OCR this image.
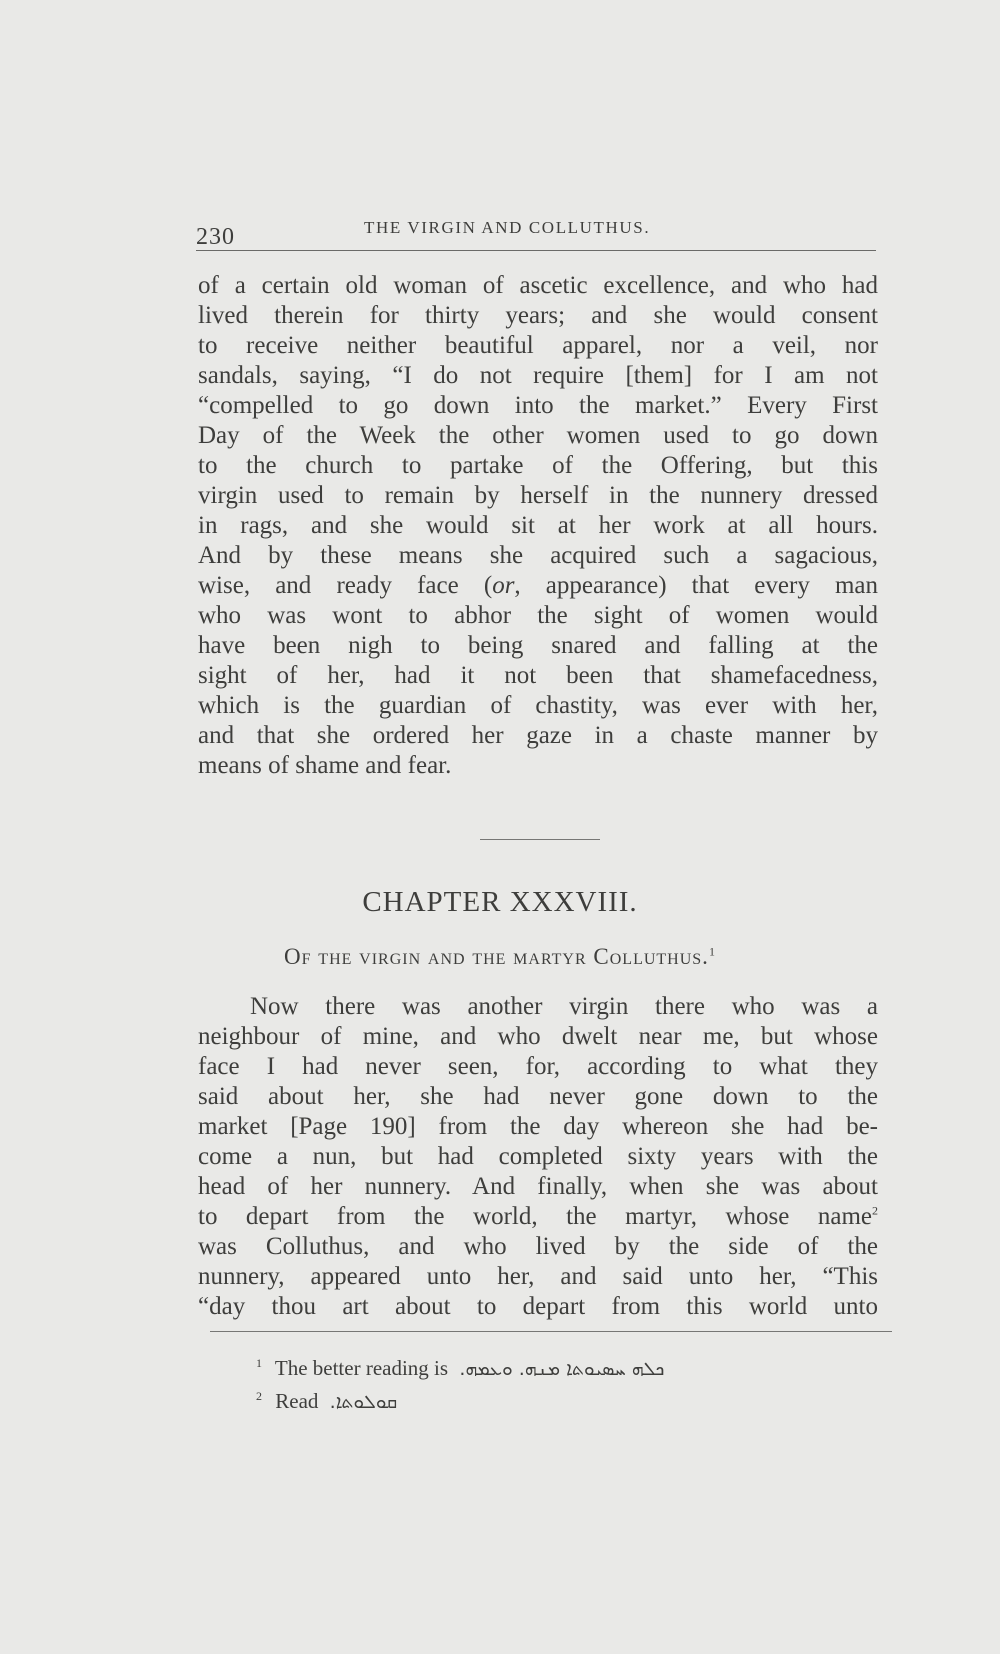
230	THE VIRGIN AND COLLUTHUS.
of a certain old woman of ascetic excellence, and who had
lived therein for thirty years; and she would consent
to receive neither beautiful apparel, nor a veil, nor
sandals, saying, “I do not require [them] for I am not
“compelled to go down into the market.” Every First
Day of the Week the other women used to go down
to the church to partake of the Offering, but this
virgin used to remain by herself in the nunnery dressed
in rags, and she would sit at her work at all hours.
And by these means she acquired such a sagacious,
wise, and ready face (or, appearance) that every man
who was wont to abhor the sight of women would
have been nigh to being snared and falling at the
sight of her, had it not been that shamefacedness,
which is the guardian of chastity, was ever with her,
and that she ordered her gaze in a chaste manner by
means of shame and fear.
CHAPTER XXXVIII.
Of the virgin and the martyr Colluthus.$^1$
Now there was another virgin there who was a
neighbour of mine, and who dwelt near me, but whose
face I had never seen, for, according to what they
said about her, she had never gone down to the
market [Page 190] from the day whereon she had be-
come a nun, but had completed sixty years with the
head of her nunnery. And finally, when she was about
to depart from the world, the martyr, whose name$^2$
was Colluthus, and who lived by the side of the
nunnery, appeared unto her, and said unto her, “This
“day thou art about to depart from this world unto
$^1$ The better reading is ܟܠܗ ܚܣܝܘܬܐ ܡܢܗ. ܘܥܡܗ.
$^2$ Read ܩܘܠܘܬܐ.
